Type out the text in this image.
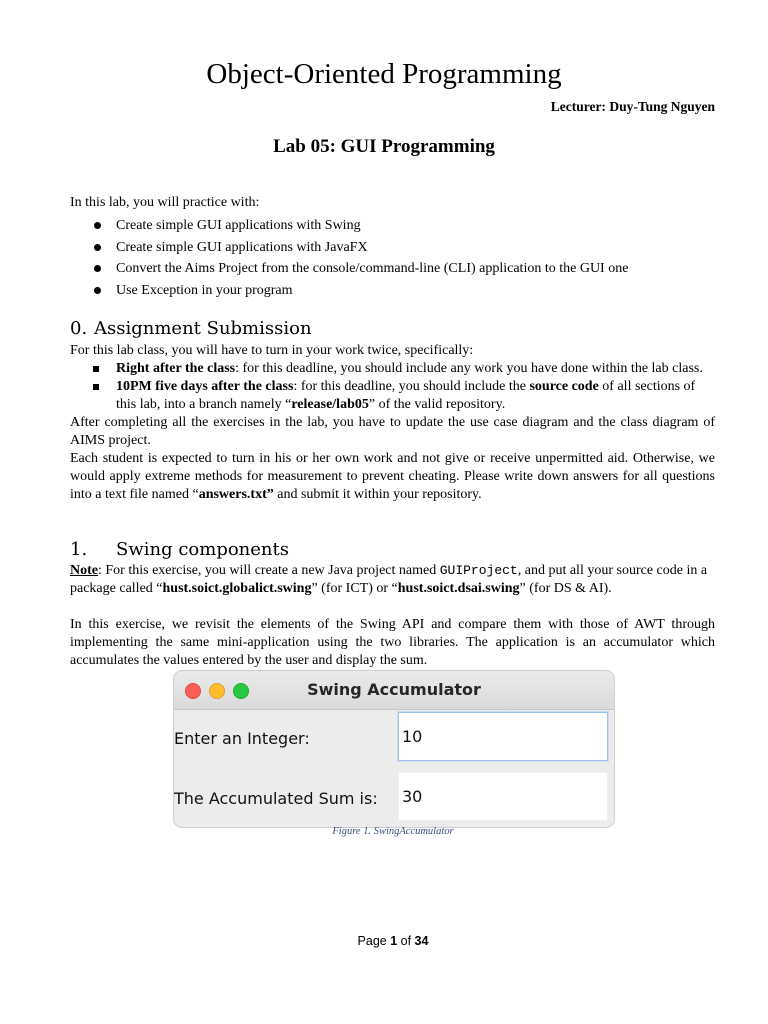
Object-Oriented Programming
Lecturer: Duy-Tung Nguyen
Lab 05: GUI Programming
In this lab, you will practice with:
Create simple GUI applications with Swing
Create simple GUI applications with JavaFX
Convert the Aims Project from the console/command-line (CLI) application to the GUI one
Use Exception in your program
0. Assignment Submission
For this lab class, you will have to turn in your work twice, specifically:
Right after the class: for this deadline, you should include any work you have done within the lab class.
10PM five days after the class: for this deadline, you should include the source code of all sections of this lab, into a branch namely “release/lab05” of the valid repository.
After completing all the exercises in the lab, you have to update the use case diagram and the class diagram of AIMS project.
Each student is expected to turn in his or her own work and not give or receive unpermitted aid. Otherwise, we would apply extreme methods for measurement to prevent cheating. Please write down answers for all questions into a text file named “answers.txt” and submit it within your repository.
1. Swing components
Note: For this exercise, you will create a new Java project named GUIProject, and put all your source code in a package called “hust.soict.globalict.swing” (for ICT) or “hust.soict.dsai.swing” (for DS & AI).
In this exercise, we revisit the elements of the Swing API and compare them with those of AWT through implementing the same mini-application using the two libraries. The application is an accumulator which accumulates the values entered by the user and display the sum.
Swing Accumulator
Enter an Integer:	10
The Accumulated Sum is: 30
Figure 1. SwingAccumulator
Page 1 of 34
